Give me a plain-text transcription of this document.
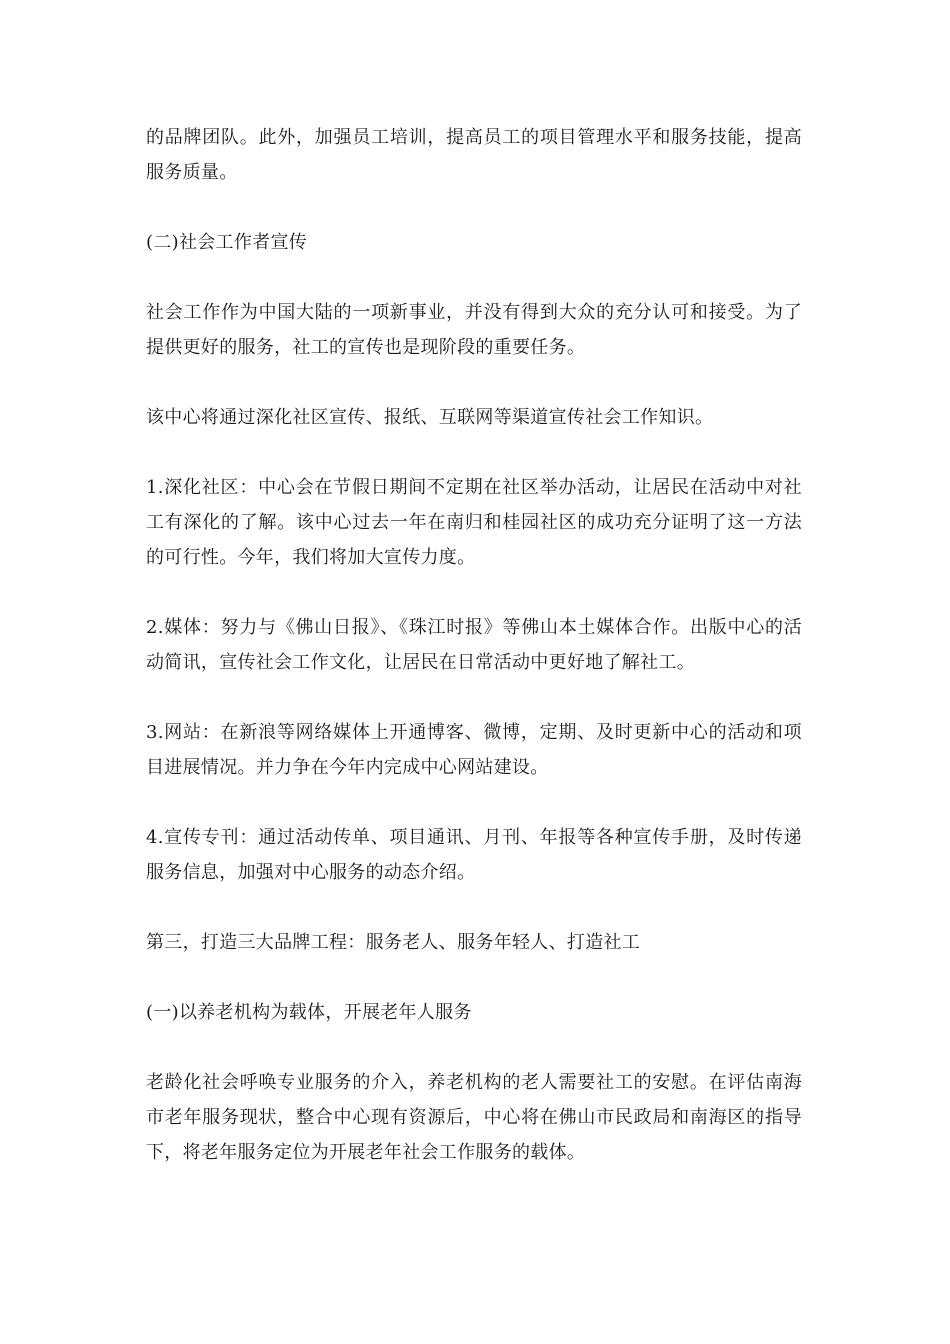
的品牌团队。此外，加强员工培训，提高员工的项目管理水平和服务技能，提高服务质量。

(二)社会工作者宣传

社会工作作为中国大陆的一项新事业，并没有得到大众的充分认可和接受。为了提供更好的服务，社工的宣传也是现阶段的重要任务。

该中心将通过深化社区宣传、报纸、互联网等渠道宣传社会工作知识。

1.深化社区：中心会在节假日期间不定期在社区举办活动，让居民在活动中对社工有深化的了解。该中心过去一年在南归和桂园社区的成功充分证明了这一方法的可行性。今年，我们将加大宣传力度。

2.媒体：努力与《佛山日报》、《珠江时报》等佛山本土媒体合作。出版中心的活动简讯，宣传社会工作文化，让居民在日常活动中更好地了解社工。

3.网站：在新浪等网络媒体上开通博客、微博，定期、及时更新中心的活动和项目进展情况。并力争在今年内完成中心网站建设。

4.宣传专刊：通过活动传单、项目通讯、月刊、年报等各种宣传手册，及时传递服务信息，加强对中心服务的动态介绍。

第三，打造三大品牌工程：服务老人、服务年轻人、打造社工

(一)以养老机构为载体，开展老年人服务

老龄化社会呼唤专业服务的介入，养老机构的老人需要社工的安慰。在评估南海市老年服务现状，整合中心现有资源后，中心将在佛山市民政局和南海区的指导下，将老年服务定位为开展老年社会工作服务的载体。
